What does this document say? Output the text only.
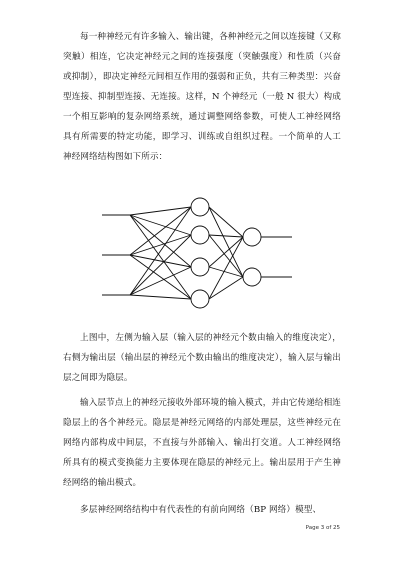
每一种神经元有许多输入、输出键，各种神经元之间以连接键（又称突触）相连，它决定神经元之间的连接强度（突触强度）和性质（兴奋或抑制），即决定神经元间相互作用的强弱和正负，共有三种类型：兴奋型连接、抑制型连接、无连接。这样，N 个神经元（一般 N 很大）构成一个相互影响的复杂网络系统，通过调整网络参数，可使人工神经网络具有所需要的特定功能，即学习、训练或自组织过程。一个简单的人工神经网络结构图如下所示：

上图中，左侧为输入层（输入层的神经元个数由输入的维度决定），右侧为输出层（输出层的神经元个数由输出的维度决定），输入层与输出层之间即为隐层。

输入层节点上的神经元接收外部环境的输入模式，并由它传递给相连隐层上的各个神经元。隐层是神经元网络的内部处理层，这些神经元在网络内部构成中间层，不直接与外部输入、输出打交道。人工神经网络所具有的模式变换能力主要体现在隐层的神经元上。输出层用于产生神经网络的输出模式。

多层神经网络结构中有代表性的有前向网络（BP 网络）模型、

Page 3 of 25
